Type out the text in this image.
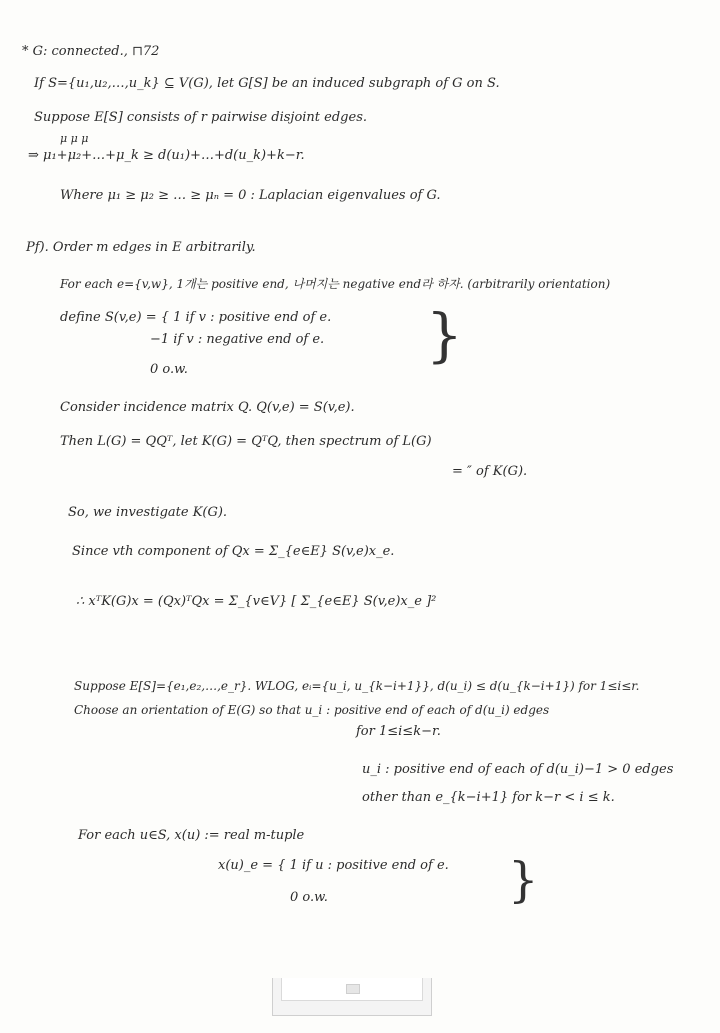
* G: connected., ⊓72
If S={u₁,u₂,…,u_k} ⊆ V(G), let G[S] be an induced subgraph of G on S.
Suppose E[S] consists of r pairwise disjoint edges.
μ μ μ
⇒ μ₁+μ₂+…+μ_k ≥ d(u₁)+…+d(u_k)+k−r.
Where μ₁ ≥ μ₂ ≥ … ≥ μₙ = 0 : Laplacian eigenvalues of G.
Pf). Order m edges in E arbitrarily.
For each e={v,w}, 1개는 positive end, 나머지는 negative end라 하자. (arbitrarily orientation)
define S(v,e) = { 1 if v : positive end of e.
−1 if v : negative end of e.
0 o.w.
}
Consider incidence matrix Q. Q(v,e) = S(v,e).
Then L(G) = QQᵀ, let K(G) = QᵀQ, then spectrum of L(G)
= ″ of K(G).
So, we investigate K(G).
Since vth component of Qx = Σ_{e∈E} S(v,e)x_e.
∴ xᵀK(G)x = (Qx)ᵀQx = Σ_{v∈V} [ Σ_{e∈E} S(v,e)x_e ]²
Suppose E[S]={e₁,e₂,…,e_r}. WLOG, eᵢ={u_i, u_{k−i+1}}, d(u_i) ≤ d(u_{k−i+1}) for 1≤i≤r.
Choose an orientation of E(G) so that u_i : positive end of each of d(u_i) edges
for 1≤i≤k−r.
u_i : positive end of each of d(u_i)−1 > 0 edges
other than e_{k−i+1} for k−r < i ≤ k.
For each u∈S, x(u) := real m-tuple
x(u)_e = { 1 if u : positive end of e.
0 o.w.	}
